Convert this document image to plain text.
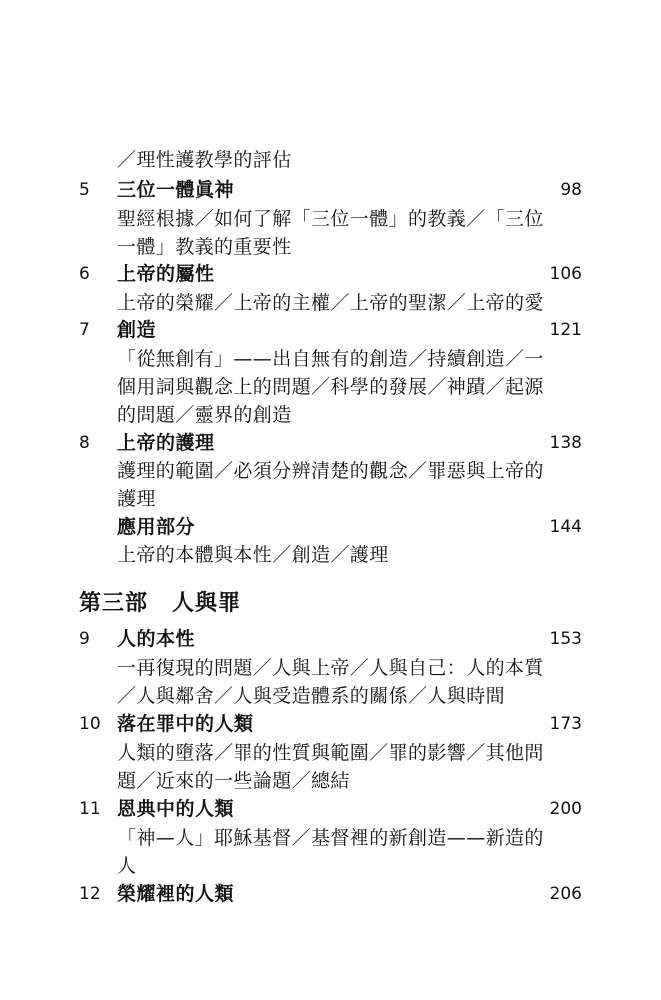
／理性護教學的評估
5 三位一體眞神	98
聖經根據／如何了解「三位一體」的教義／「三位
一體」教義的重要性
6 上帝的屬性	106
上帝的榮耀／上帝的主權／上帝的聖潔／上帝的愛
7 創造	121
「從無創有」——出自無有的創造／持續創造／一
個用詞與觀念上的問題／科學的發展／神蹟／起源
的問題／靈界的創造
8 上帝的護理	138
護理的範圍／必須分辨清楚的觀念／罪惡與上帝的
護理
應用部分	144
上帝的本體與本性／創造／護理
第三部 人與罪
9 人的本性	153
一再復現的問題／人與上帝／人與自己：人的本質
／人與鄰舍／人與受造體系的關係／人與時間
10 落在罪中的人類	173
人類的墮落／罪的性質與範圍／罪的影響／其他問
題／近來的一些論題／總結
11 恩典中的人類	200
「神—人」耶穌基督／基督裡的新創造——新造的
人
12 榮耀裡的人類	206
